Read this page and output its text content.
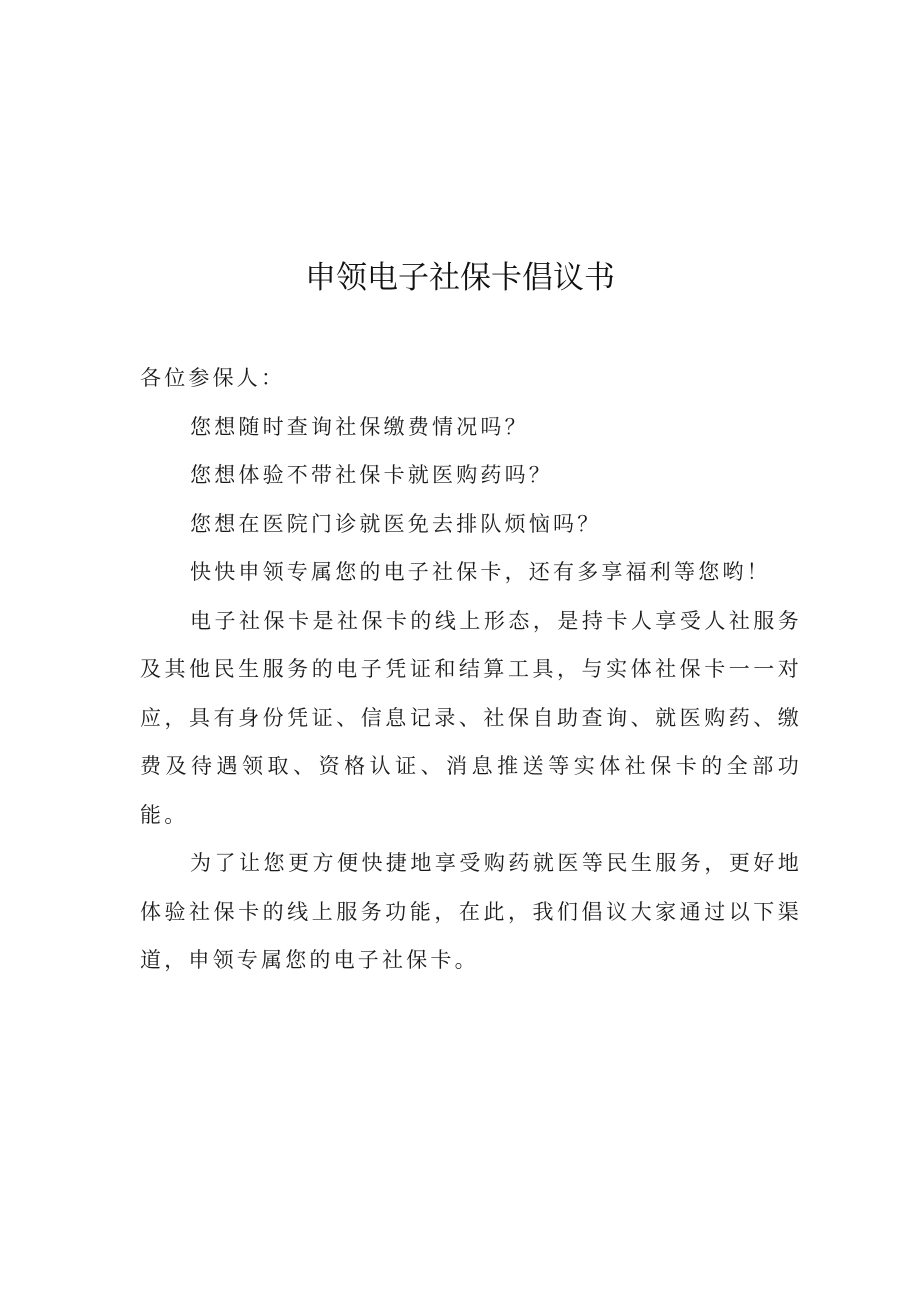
申领电子社保卡倡议书

各位参保人：

您想随时查询社保缴费情况吗？

您想体验不带社保卡就医购药吗？

您想在医院门诊就医免去排队烦恼吗？

快快申领专属您的电子社保卡，还有多享福利等您哟！

电子社保卡是社保卡的线上形态，是持卡人享受人社服务及其他民生服务的电子凭证和结算工具，与实体社保卡一一对应，具有身份凭证、信息记录、社保自助查询、就医购药、缴费及待遇领取、资格认证、消息推送等实体社保卡的全部功能。

为了让您更方便快捷地享受购药就医等民生服务，更好地体验社保卡的线上服务功能，在此，我们倡议大家通过以下渠道，申领专属您的电子社保卡。
